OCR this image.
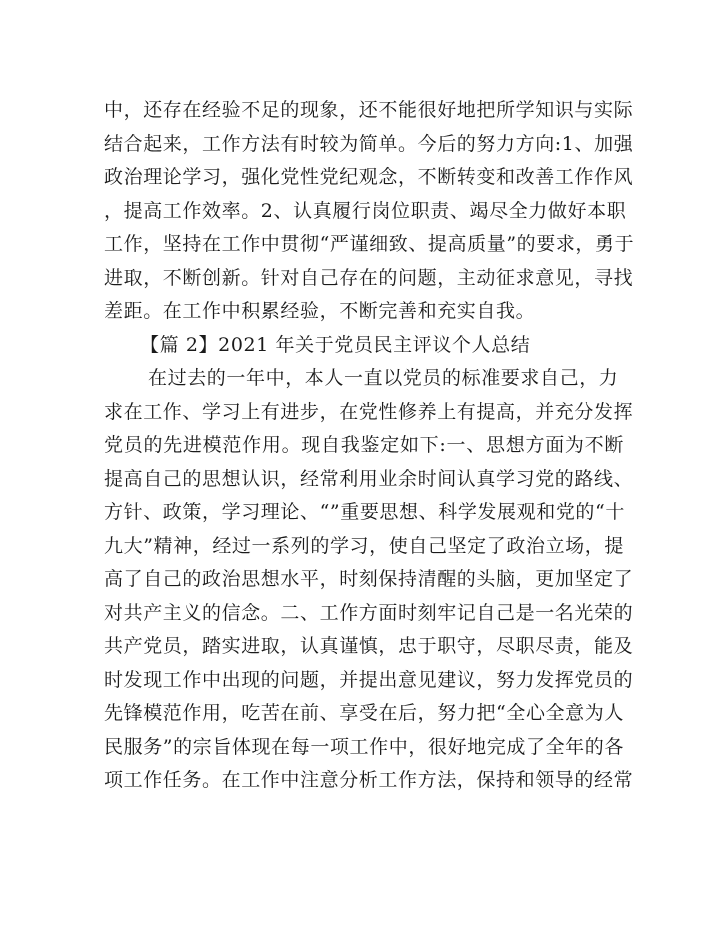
中，还存在经验不足的现象，还不能很好地把所学知识与实际
结合起来，工作方法有时较为简单。今后的努力方向:1、加强
政治理论学习，强化党性党纪观念，不断转变和改善工作作风
，提高工作效率。2、认真履行岗位职责、竭尽全力做好本职
工作，坚持在工作中贯彻“严谨细致、提高质量”的要求，勇于
进取，不断创新。针对自己存在的问题，主动征求意见，寻找
差距。在工作中积累经验，不断完善和充实自我。
【篇 2】2021 年关于党员民主评议个人总结
在过去的一年中，本人一直以党员的标准要求自己，力
求在工作、学习上有进步，在党性修养上有提高，并充分发挥
党员的先进模范作用。现自我鉴定如下:一、思想方面为不断
提高自己的思想认识，经常利用业余时间认真学习党的路线、
方针、政策，学习理论、“”重要思想、科学发展观和党的“十
九大”精神，经过一系列的学习，使自己坚定了政治立场，提
高了自己的政治思想水平，时刻保持清醒的头脑，更加坚定了
对共产主义的信念。二、工作方面时刻牢记自己是一名光荣的
共产党员，踏实进取，认真谨慎，忠于职守，尽职尽责，能及
时发现工作中出现的问题，并提出意见建议，努力发挥党员的
先锋模范作用，吃苦在前、享受在后，努力把“全心全意为人
民服务”的宗旨体现在每一项工作中，很好地完成了全年的各
项工作任务。在工作中注意分析工作方法，保持和领导的经常
